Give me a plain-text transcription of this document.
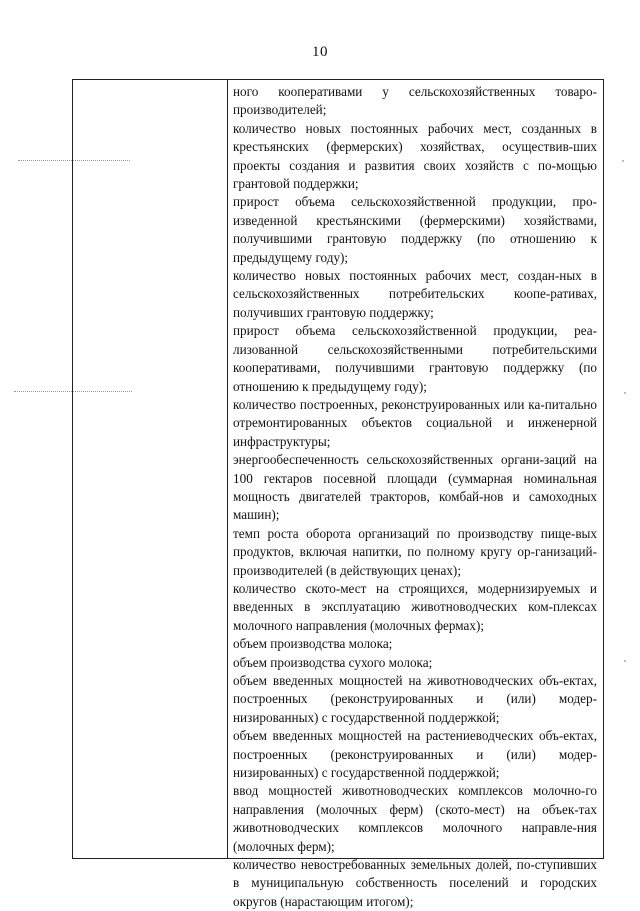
10

ного кооперативами у сельскохозяйственных товаро-производителей;

количество новых постоянных рабочих мест, созданных в крестьянских (фермерских) хозяйствах, осуществив-ших проекты создания и развития своих хозяйств с по-мощью грантовой поддержки;

прирост объема сельскохозяйственной продукции, про-изведенной крестьянскими (фермерскими) хозяйствами, получившими грантовую поддержку (по отношению к предыдущему году);

количество новых постоянных рабочих мест, создан-ных в сельскохозяйственных потребительских коопе-ративах, получивших грантовую поддержку;

прирост объема сельскохозяйственной продукции, реа-лизованной сельскохозяйственными потребительскими кооперативами, получившими грантовую поддержку (по отношению к предыдущему году);

количество построенных, реконструированных или ка-питально отремонтированных объектов социальной и инженерной инфраструктуры;

энергообеспеченность сельскохозяйственных органи-заций на 100 гектаров посевной площади (суммарная номинальная мощность двигателей тракторов, комбай-нов и самоходных машин);

темп роста оборота организаций по производству пище-вых продуктов, включая напитки, по полному кругу ор-ганизаций-производителей (в действующих ценах);

количество ското-мест на строящихся, модернизируемых и введенных в эксплуатацию животноводческих ком-плексах молочного направления (молочных фермах);

объем производства молока;

объем производства сухого молока;

объем введенных мощностей на животноводческих объ-ектах, построенных (реконструированных и (или) модер-низированных) с государственной поддержкой;

объем введенных мощностей на растениеводческих объ-ектах, построенных (реконструированных и (или) модер-низированных) с государственной поддержкой;

ввод мощностей животноводческих комплексов молочно-го направления (молочных ферм) (ското-мест) на объек-тах животноводческих комплексов молочного направле-ния (молочных ферм);

количество невостребованных земельных долей, по-ступивших в муниципальную собственность поселений и городских округов (нарастающим итогом);
